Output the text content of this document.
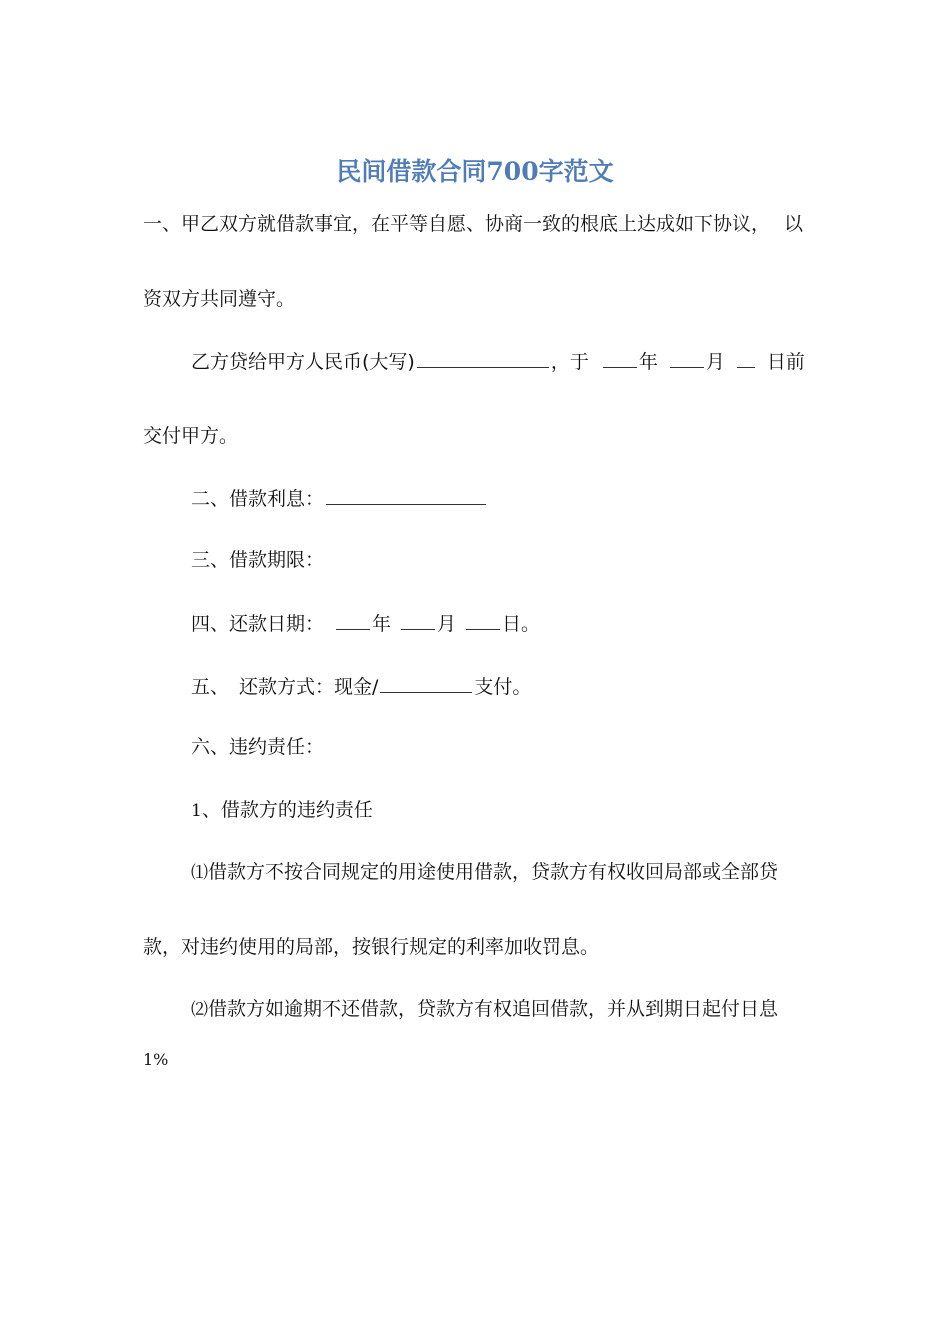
民间借款合同700字范文
一、甲乙双方就借款事宜，在平等自愿、协商一致的根底上达成如下协议， 以
资双方共同遵守。
乙方贷给甲方人民币(大写)	，于	年	月 日前
交付甲方。
二、借款利息：
三、借款期限：
四、还款日期：	年 月 日。
五、 还款方式：现金/	支付。
六、违约责任：
1、借款方的违约责任
⑴借款方不按合同规定的用途使用借款，贷款方有权收回局部或全部贷
款，对违约使用的局部，按银行规定的利率加收罚息。
⑵借款方如逾期不还借款，贷款方有权追回借款，并从到期日起付日息
1%
